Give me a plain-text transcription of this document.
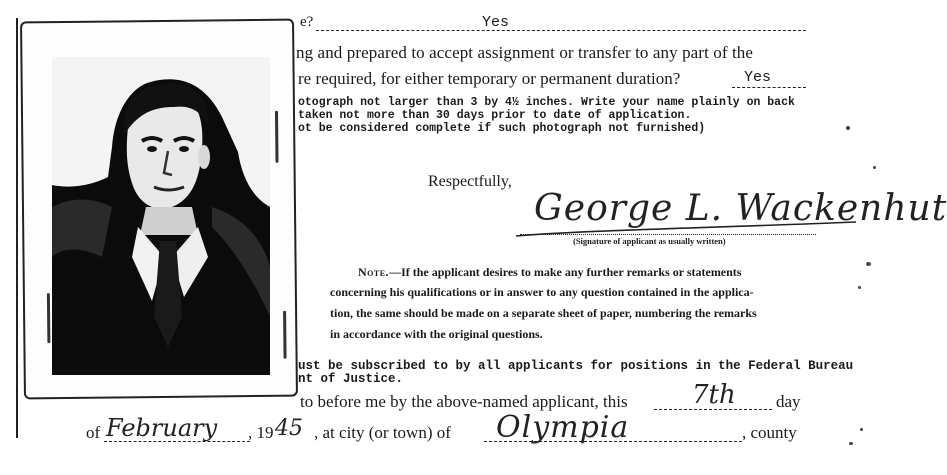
e?	Yes
ng and prepared to accept assignment or transfer to any part of the
re required, for either temporary or permanent duration?	Yes
otograph not larger than 3 by 4½ inches. Write your name plainly on back
taken not more than 30 days prior to date of application.
ot be considered complete if such photograph not furnished)
Respectfully,
George L. Wackenhut
(Signature of applicant as usually written)
Note.—If the applicant desires to make any further remarks or statements
concerning his qualifications or in answer to any question contained in the applica-
tion, the same should be made on a separate sheet of paper, numbering the remarks
in accordance with the original questions.
ust be subscribed to by all applicants for positions in the Federal Bureau
nt of Justice.
to before me by the above-named applicant, this 7th day
of February , 19 45 , at city (or town) of Olympia	, county
